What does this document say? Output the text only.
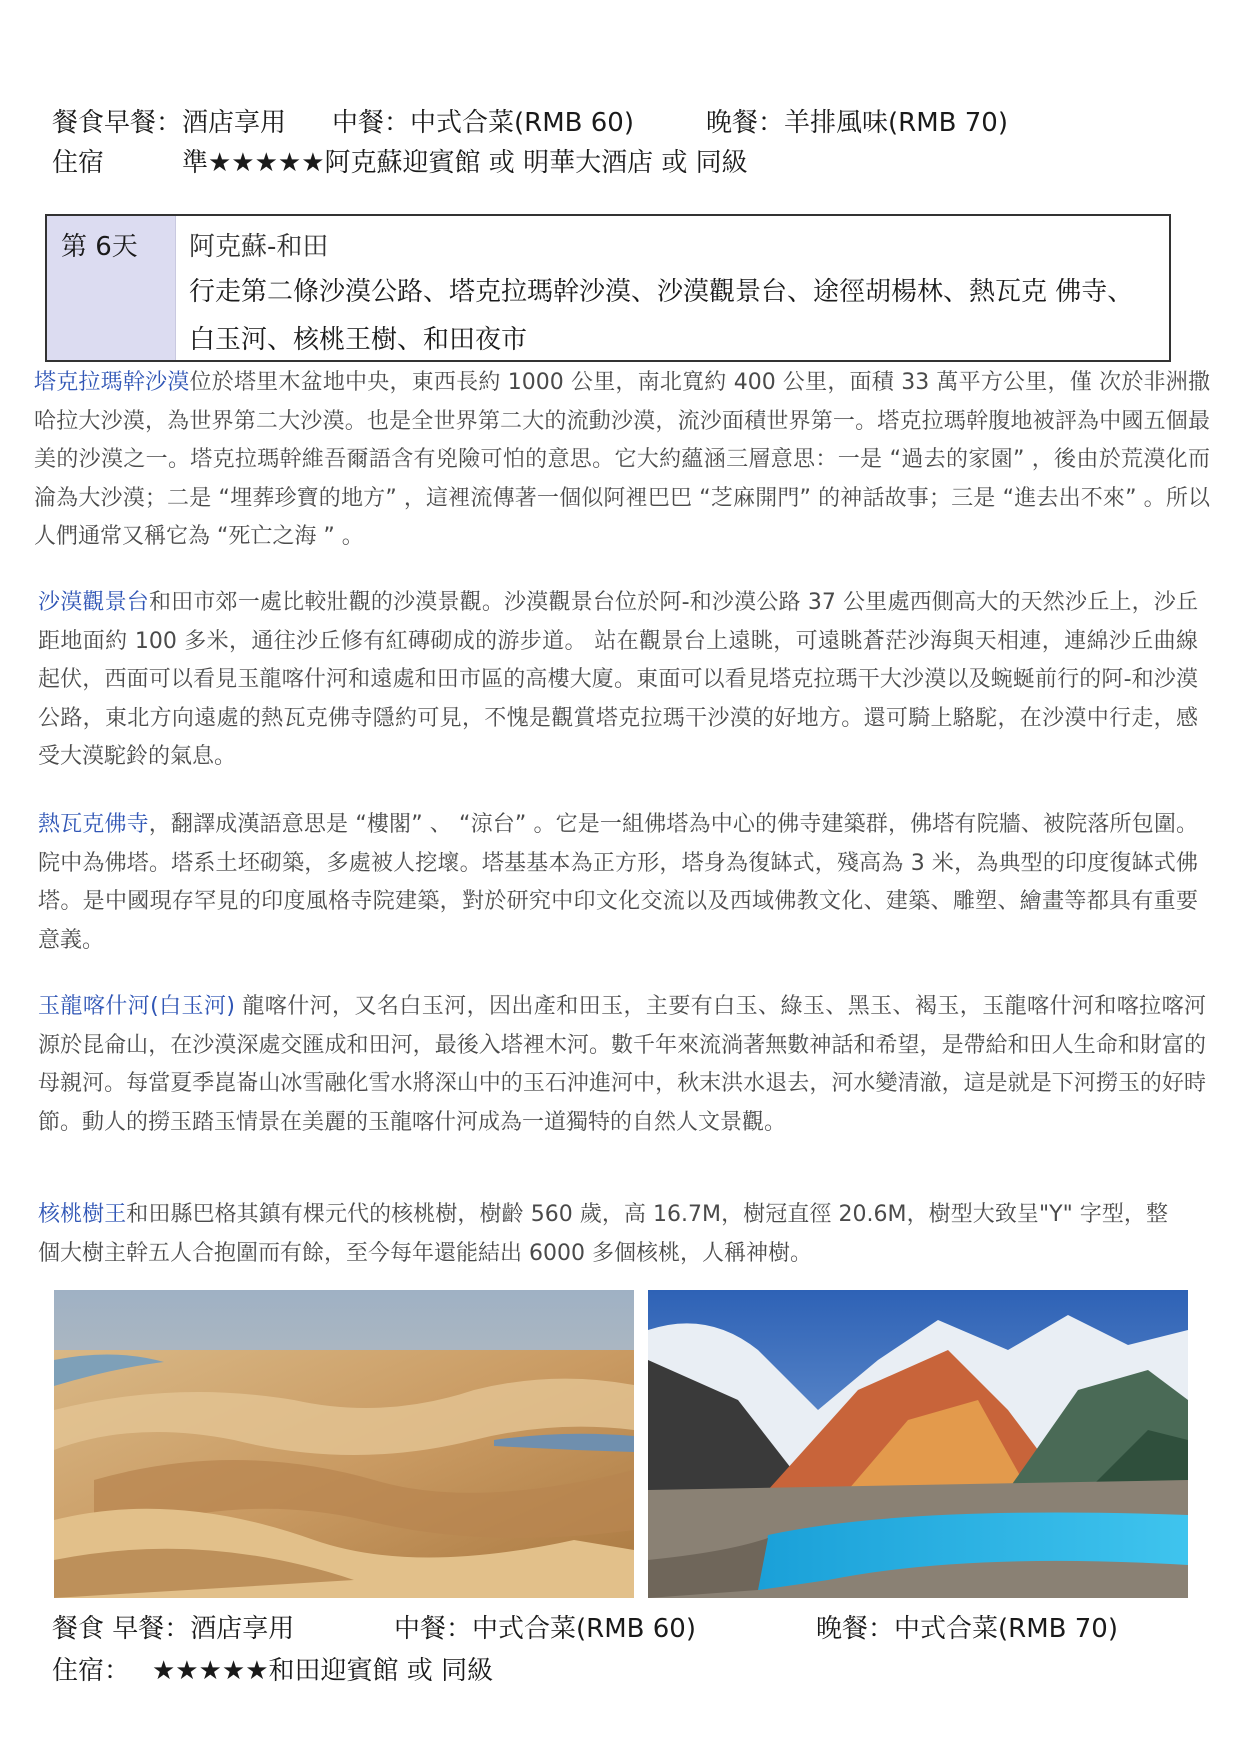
餐食早餐：酒店享用 中餐：中式合菜(RMB 60)	晚餐：羊排風味(RMB 70)
住宿	準★★★★★阿克蘇迎賓館 或 明華大酒店 或 同級
第 6天 阿克蘇-和田
行走第二條沙漠公路、塔克拉瑪幹沙漠、沙漠觀景台、途徑胡楊林、熱瓦克 佛寺、白玉河、核桃王樹、和田夜市
塔克拉瑪幹沙漠位於塔里木盆地中央，東西長約 1000 公里，南北寬約 400 公里，面積 33 萬平方公里，僅 次於非洲撒哈拉大沙漠，為世界第二大沙漠。也是全世界第二大的流動沙漠，流沙面積世界第一。塔克拉瑪幹腹地被評為中國五個最美的沙漠之一。塔克拉瑪幹維吾爾語含有兇險可怕的意思。它大約蘊涵三層意思：一是 “過去的家園” ，後由於荒漠化而淪為大沙漠；二是 “埋葬珍寶的地方” ，這裡流傳著一個似阿裡巴巴 “芝麻開門” 的神話故事；三是 “進去出不來” 。所以人們通常又稱它為 “死亡之海 ” 。
沙漠觀景台和田市郊一處比較壯觀的沙漠景觀。沙漠觀景台位於阿-和沙漠公路 37 公里處西側高大的天然沙丘上，沙丘距地面約 100 多米，通往沙丘修有紅磚砌成的游步道。 站在觀景台上遠眺，可遠眺蒼茫沙海與天相連，連綿沙丘曲線起伏，西面可以看見玉龍喀什河和遠處和田市區的高樓大廈。東面可以看見塔克拉瑪干大沙漠以及蜿蜒前行的阿-和沙漠公路，東北方向遠處的熱瓦克佛寺隱約可見，不愧是觀賞塔克拉瑪干沙漠的好地方。還可騎上駱駝，在沙漠中行走，感受大漠駝鈴的氣息。
熱瓦克佛寺，翻譯成漢語意思是 “樓閣” 、 “涼台” 。它是一組佛塔為中心的佛寺建築群，佛塔有院牆、被院落所包圍。院中為佛塔。塔系土坯砌築，多處被人挖壞。塔基基本為正方形，塔身為復缽式，殘高為 3 米，為典型的印度復缽式佛塔。是中國現存罕見的印度風格寺院建築，對於研究中印文化交流以及西域佛教文化、建築、雕塑、繪畫等都具有重要意義。
玉龍喀什河(白玉河) 龍喀什河，又名白玉河，因出產和田玉，主要有白玉、綠玉、黑玉、褐玉，玉龍喀什河和喀拉喀河源於昆侖山，在沙漠深處交匯成和田河，最後入塔裡木河。數千年來流淌著無數神話和希望，是帶給和田人生命和財富的母親河。每當夏季崑崙山冰雪融化雪水將深山中的玉石沖進河中，秋末洪水退去，河水變清澈，這是就是下河撈玉的好時節。動人的撈玉踏玉情景在美麗的玉龍喀什河成為一道獨特的自然人文景觀。
核桃樹王和田縣巴格其鎮有棵元代的核桃樹，樹齡 560 歲，高 16.7M，樹冠直徑 20.6M，樹型大致呈"Y" 字型，整個大樹主幹五人合抱圍而有餘，至今每年還能結出 6000 多個核桃，人稱神樹。
餐食 早餐：酒店享用	中餐：中式合菜(RMB 60)	晚餐：中式合菜(RMB 70)
住宿： ★★★★★和田迎賓館 或 同級
